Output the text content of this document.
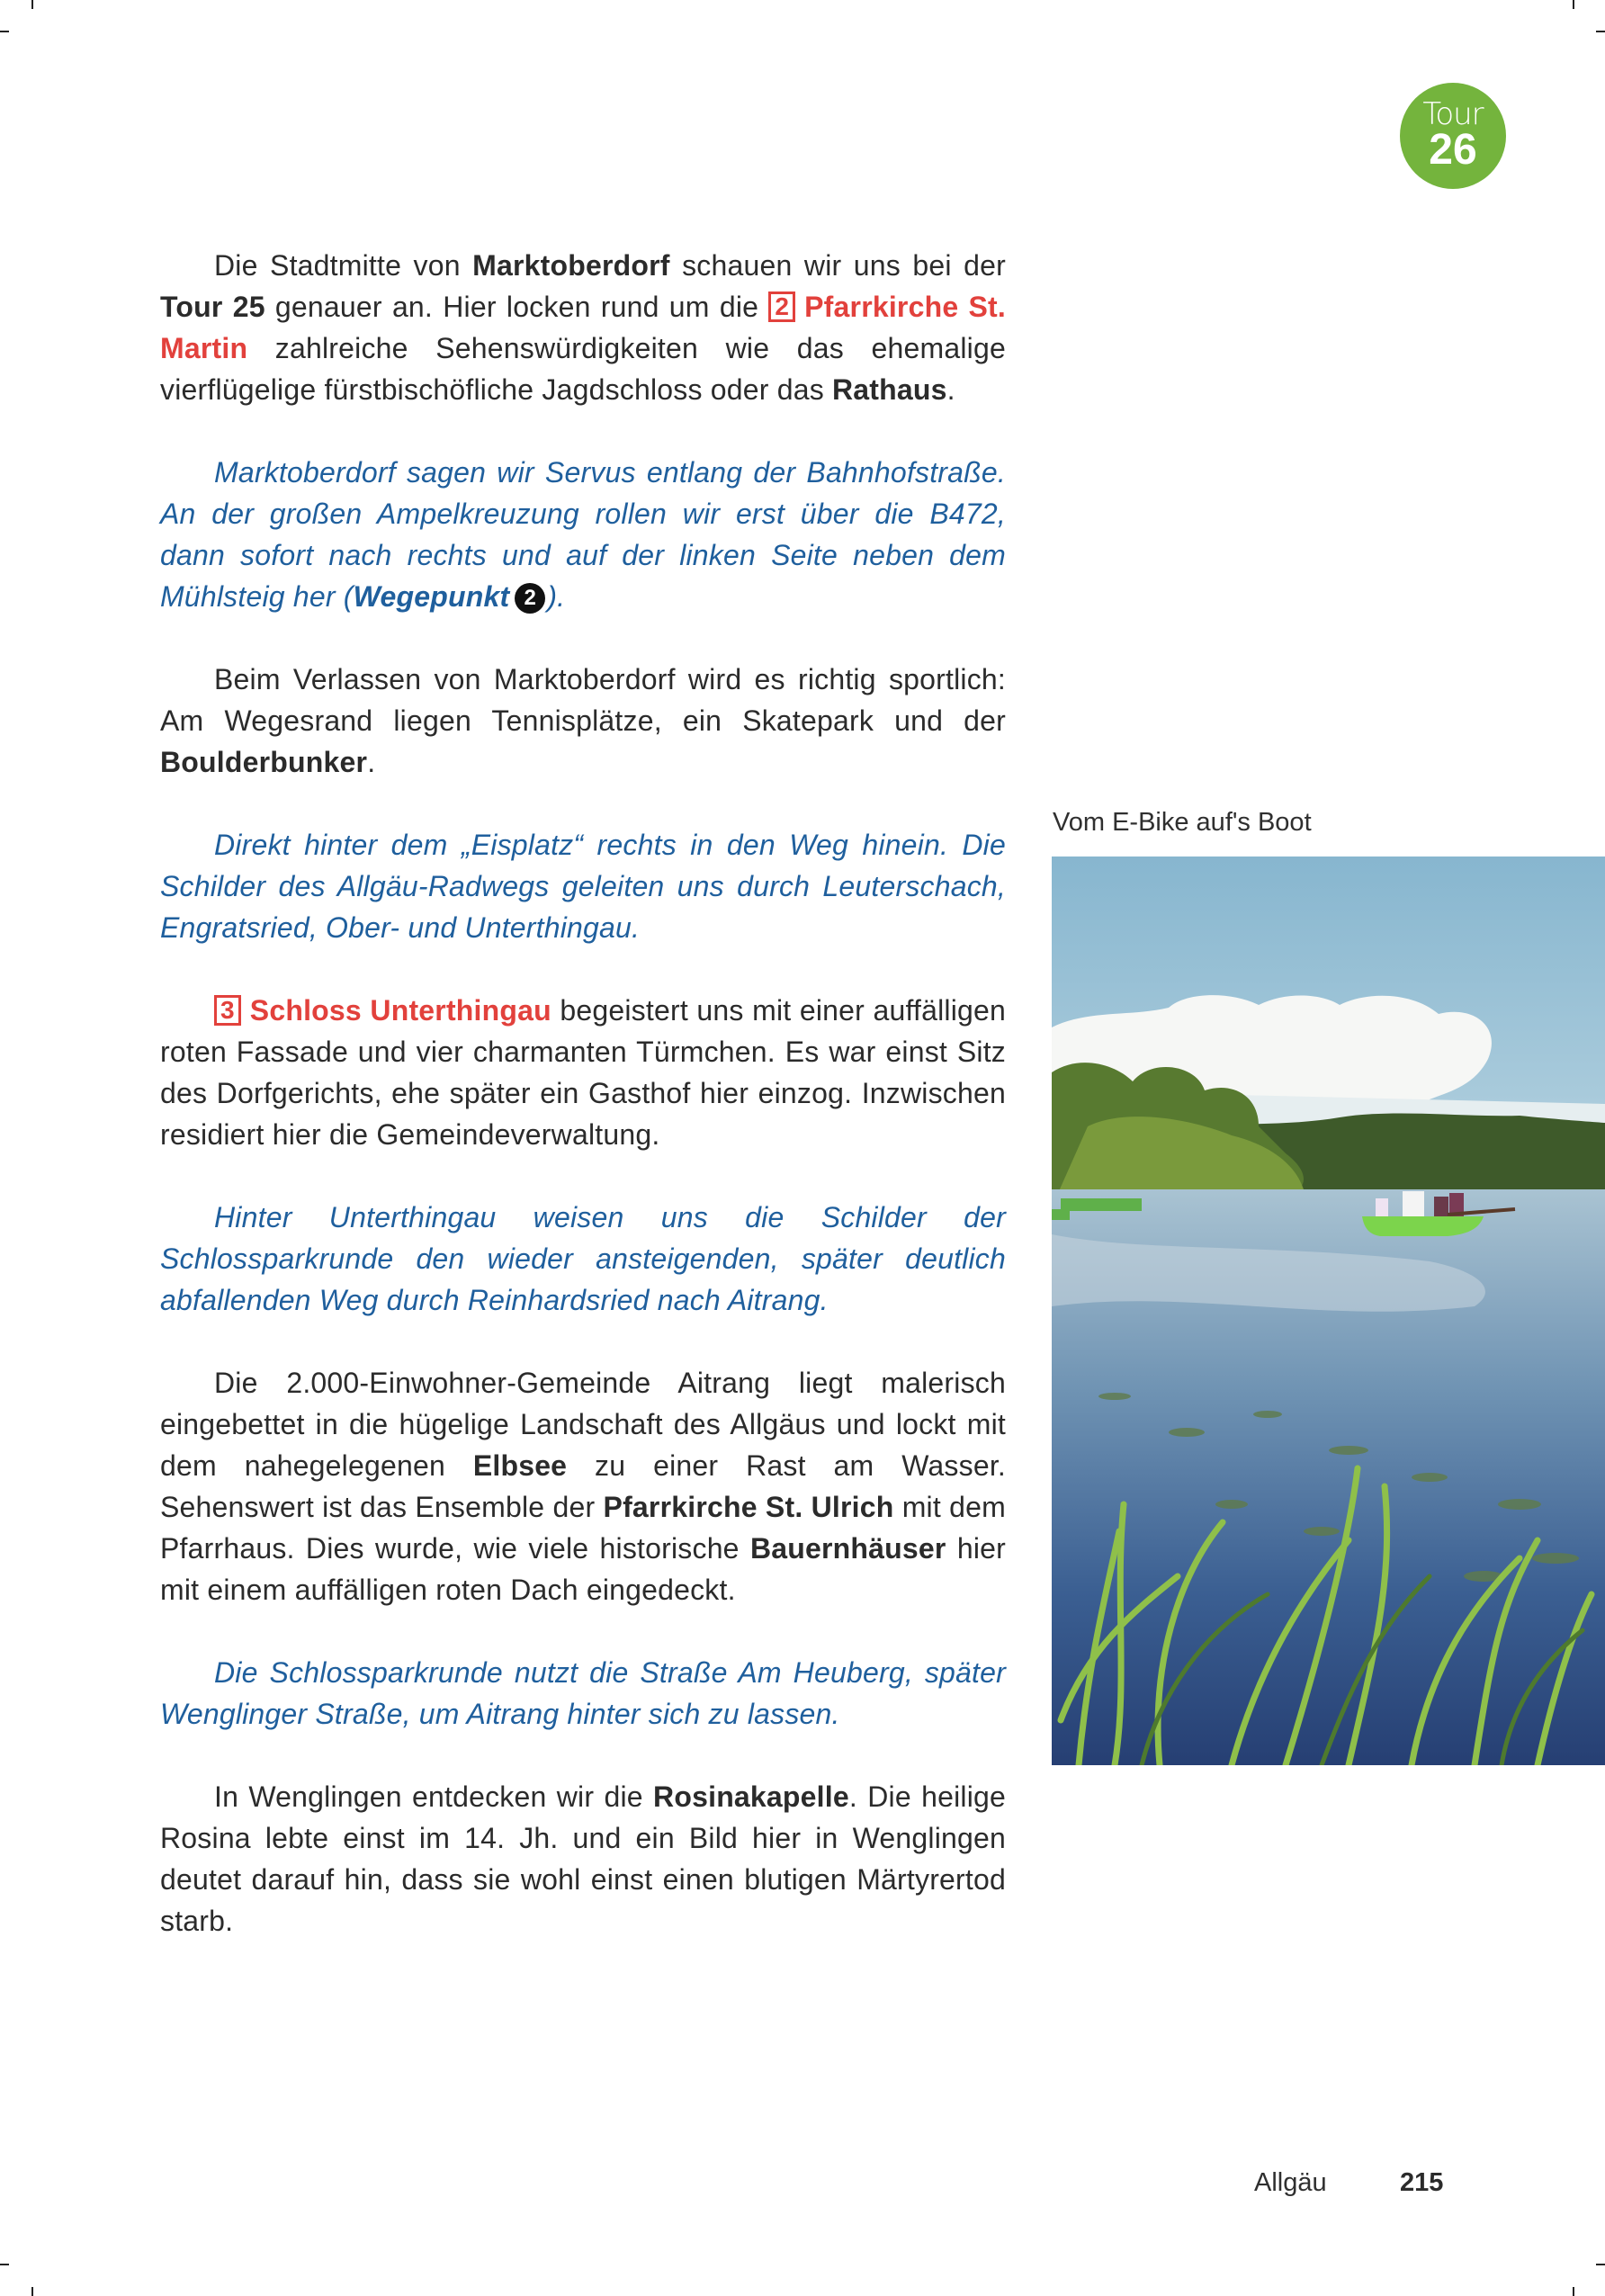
Tour
26

Die Stadtmitte von Marktoberdorf schauen wir uns bei der Tour 25 genauer an. Hier locken rund um die 2 Pfarrkirche St. Martin zahlreiche Sehenswürdigkeiten wie das ehemalige vierflügelige fürstbischöfliche Jagdschloss oder das Rathaus.

Marktoberdorf sagen wir Servus entlang der Bahnhofstraße. An der großen Ampelkreuzung rollen wir erst über die B472, dann sofort nach rechts und auf der linken Seite neben dem Mühlsteig her (Wegepunkt 2 ).

Beim Verlassen von Marktoberdorf wird es richtig sportlich: Am Wegesrand liegen Tennisplätze, ein Skatepark und der Boulderbunker.

Direkt hinter dem „Eisplatz“ rechts in den Weg hinein. Die Schilder des Allgäu-Radwegs geleiten uns durch Leuterschach, Engratsried, Ober- und Unterthingau.

3 Schloss Unterthingau begeistert uns mit einer auffälligen roten Fassade und vier charmanten Türmchen. Es war einst Sitz des Dorfgerichts, ehe später ein Gasthof hier einzog. Inzwischen residiert hier die Gemeindeverwaltung.

Hinter Unterthingau weisen uns die Schilder der Schlossparkrunde den wieder ansteigenden, später deutlich abfallenden Weg durch Reinhardsried nach Aitrang.

Die 2.000-Einwohner-Gemeinde Aitrang liegt malerisch eingebettet in die hügelige Landschaft des Allgäus und lockt mit dem nahegelegenen Elbsee zu einer Rast am Wasser. Sehenswert ist das Ensemble der Pfarrkirche St. Ulrich mit dem Pfarrhaus. Dies wurde, wie viele historische Bauernhäuser hier mit einem auffälligen roten Dach eingedeckt.

Die Schlossparkrunde nutzt die Straße Am Heuberg, später Wenglinger Straße, um Aitrang hinter sich zu lassen.

In Wenglingen entdecken wir die Rosinakapelle. Die heilige Rosina lebte einst im 14. Jh. und ein Bild hier in Wenglingen deutet darauf hin, dass sie wohl einst einen blutigen Märtyrertod starb.

Vom E-Bike auf's Boot
Allgäu	215
